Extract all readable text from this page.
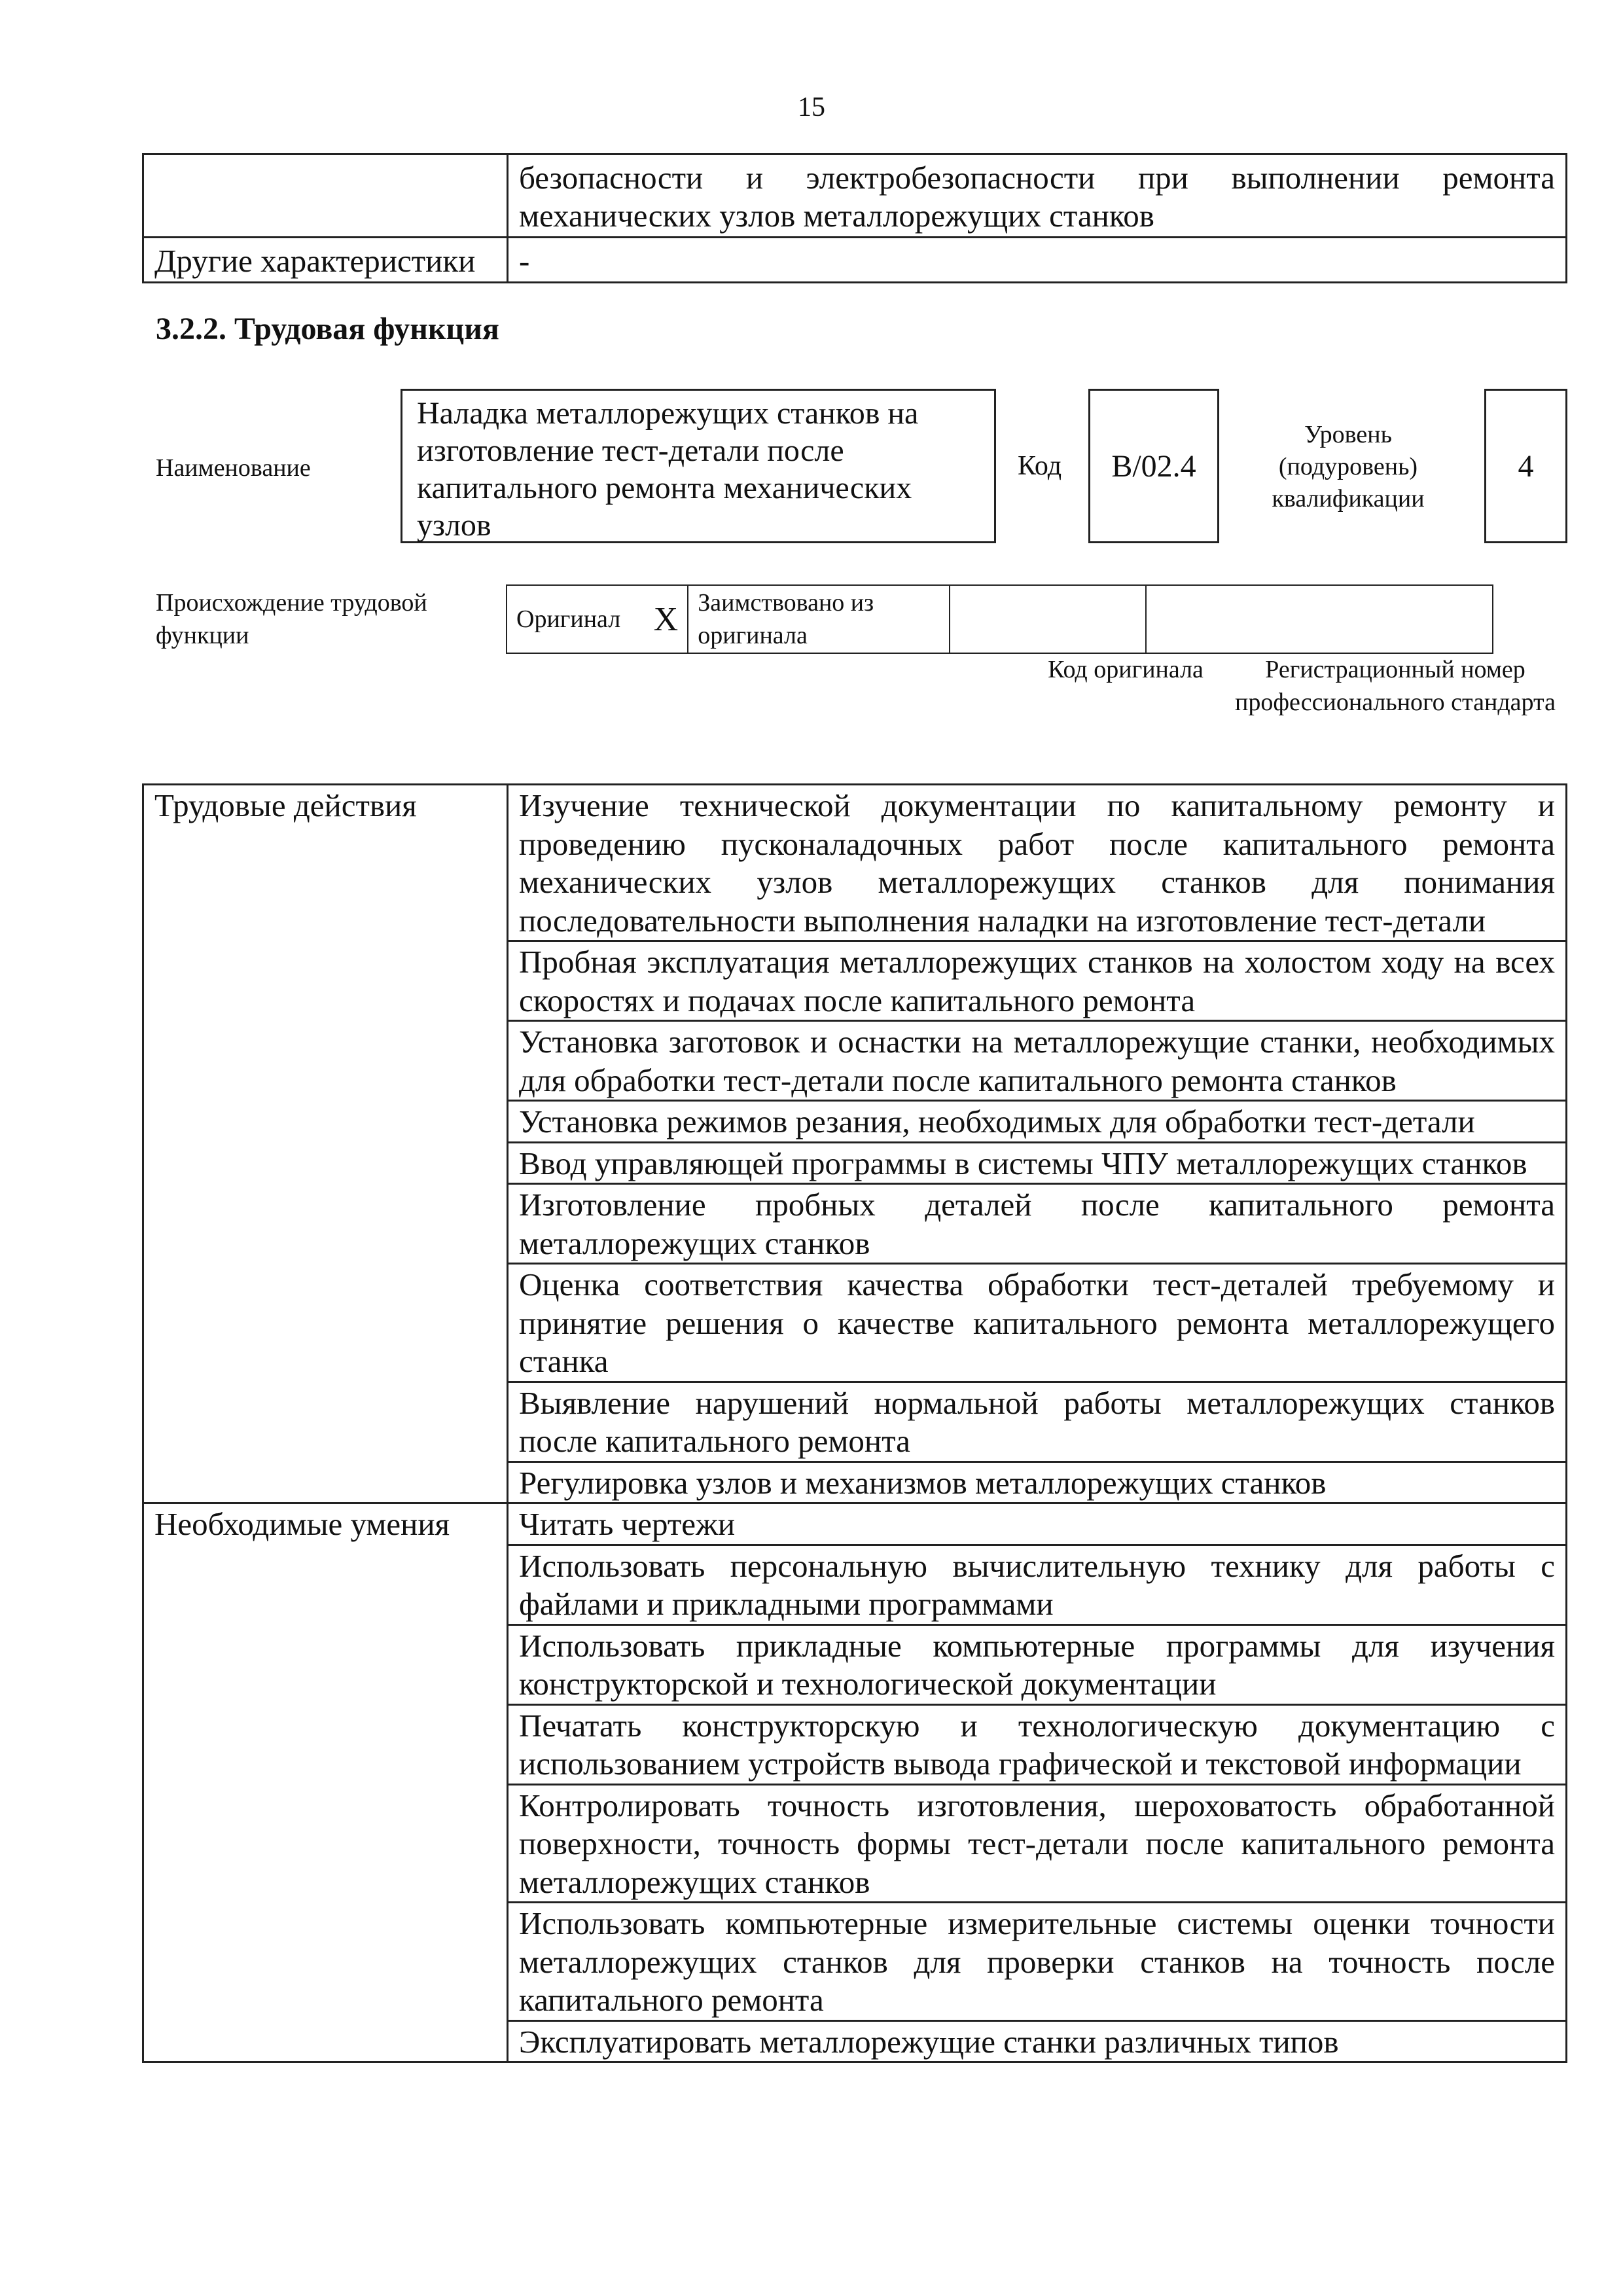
15
	безопасности и электробезопасности при выполнении ремонта механических узлов металлорежущих станков
Другие характеристики	-
3.2.2. Трудовая функция
Наименование
Наладка металлорежущих станков на изготовление тест-детали после капитального ремонта механических узлов
Код	B/02.4
Уровень (подуровень) квалификации
4
Происхождение трудовой функции
Оригинал	X	Заимствовано из оригинала		
Код оригинала	Регистрационный номер профессионального стандарта
Трудовые действия	Изучение технической документации по капитальному ремонту и проведению пусконаладочных работ после капитального ремонта механических узлов металлорежущих станков для понимания последовательности выполнения наладки на изготовление тест-детали
	Пробная эксплуатация металлорежущих станков на холостом ходу на всех скоростях и подачах после капитального ремонта
	Установка заготовок и оснастки на металлорежущие станки, необходимых для обработки тест-детали после капитального ремонта станков
	Установка режимов резания, необходимых для обработки тест-детали
	Ввод управляющей программы в системы ЧПУ металлорежущих станков
	Изготовление пробных деталей после капитального ремонта металлорежущих станков
	Оценка соответствия качества обработки тест-деталей требуемому и принятие решения о качестве капитального ремонта металлорежущего станка
	Выявление нарушений нормальной работы металлорежущих станков после капитального ремонта
	Регулировка узлов и механизмов металлорежущих станков
Необходимые умения	Читать чертежи
	Использовать персональную вычислительную технику для работы с файлами и прикладными программами
	Использовать прикладные компьютерные программы для изучения конструкторской и технологической документации
	Печатать конструкторскую и технологическую документацию с использованием устройств вывода графической и текстовой информации
	Контролировать точность изготовления, шероховатость обработанной поверхности, точность формы тест-детали после капитального ремонта металлорежущих станков
	Использовать компьютерные измерительные системы оценки точности металлорежущих станков для проверки станков на точность после капитального ремонта
	Эксплуатировать металлорежущие станки различных типов
